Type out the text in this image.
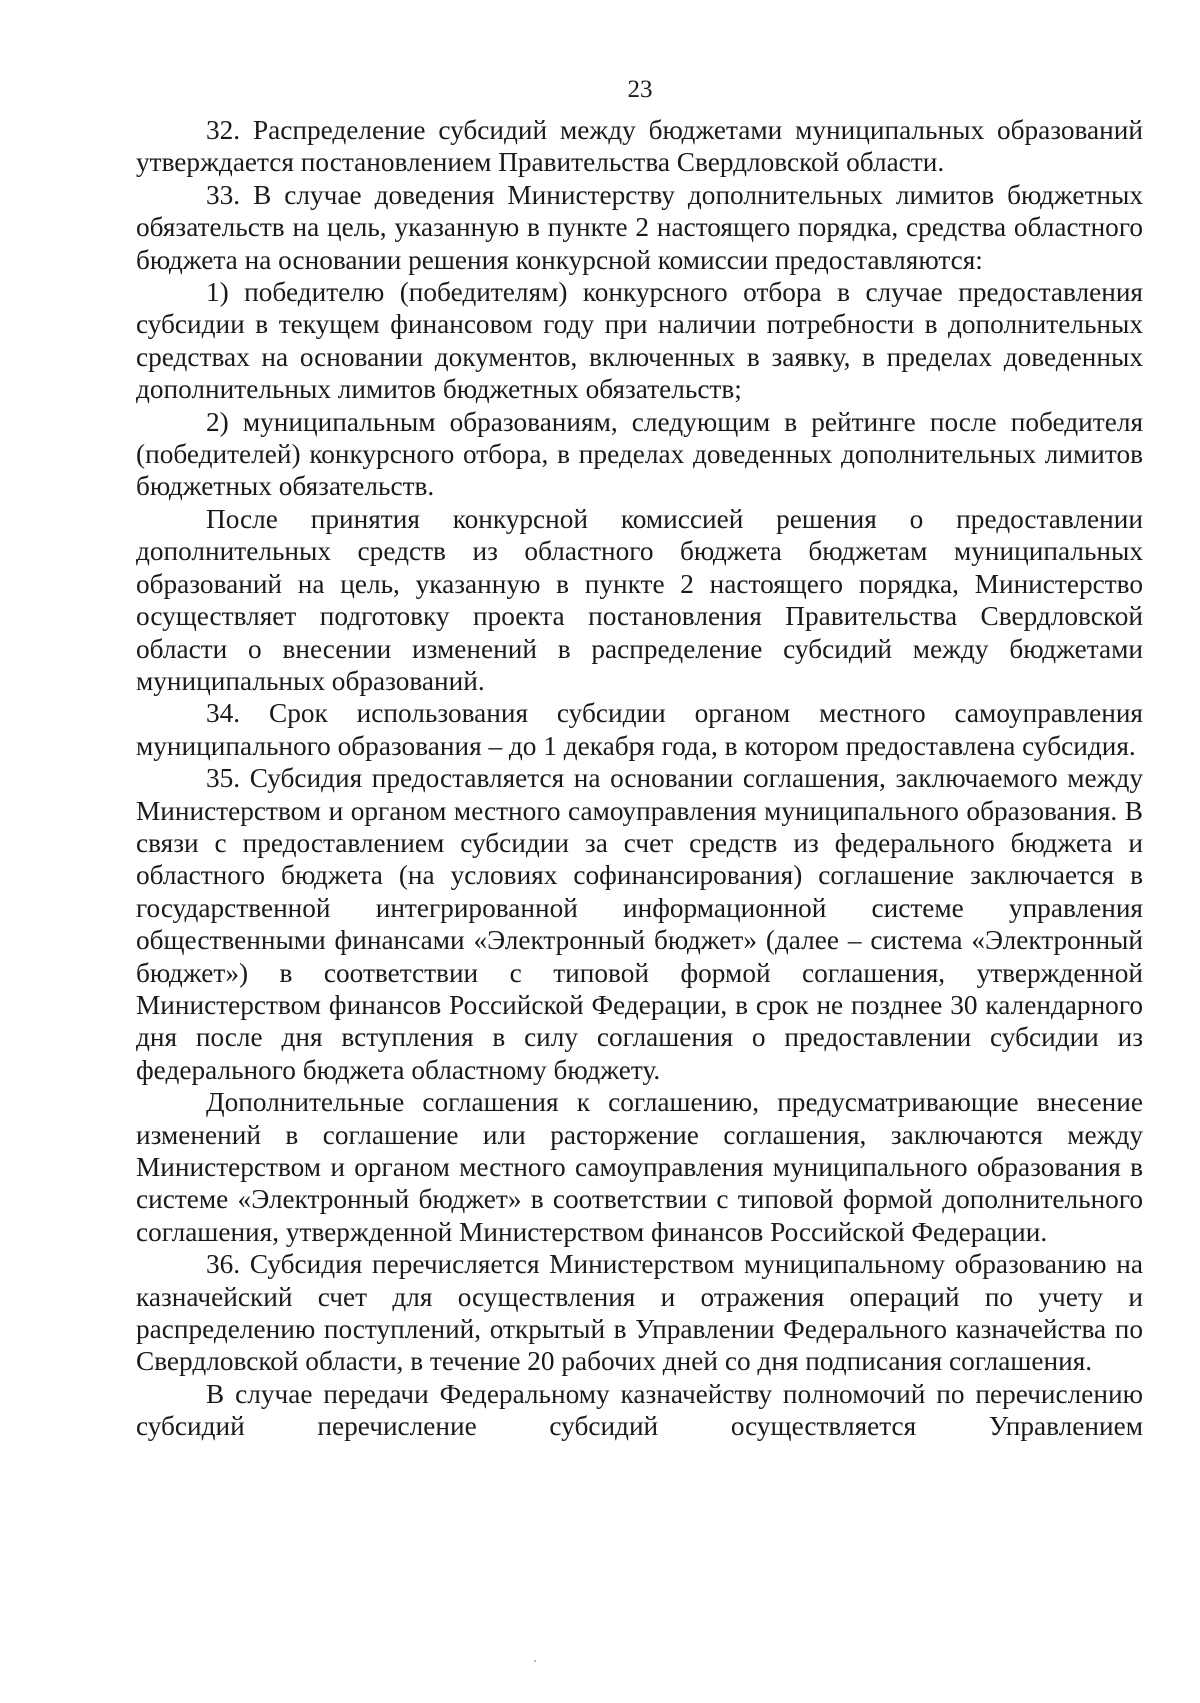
23

32. Распределение субсидий между бюджетами муниципальных образований утверждается постановлением Правительства Свердловской области.

33. В случае доведения Министерству дополнительных лимитов бюджетных обязательств на цель, указанную в пункте 2 настоящего порядка, средства областного бюджета на основании решения конкурсной комиссии предоставляются:

1) победителю (победителям) конкурсного отбора в случае предоставления субсидии в текущем финансовом году при наличии потребности в дополнительных средствах на основании документов, включенных в заявку, в пределах доведенных дополнительных лимитов бюджетных обязательств;

2) муниципальным образованиям, следующим в рейтинге после победителя (победителей) конкурсного отбора, в пределах доведенных дополнительных лимитов бюджетных обязательств.

После принятия конкурсной комиссией решения о предоставлении дополнительных средств из областного бюджета бюджетам муниципальных образований на цель, указанную в пункте 2 настоящего порядка, Министерство осуществляет подготовку проекта постановления Правительства Свердловской области о внесении изменений в распределение субсидий между бюджетами муниципальных образований.

34. Срок использования субсидии органом местного самоуправления муниципального образования – до 1 декабря года, в котором предоставлена субсидия.

35. Субсидия предоставляется на основании соглашения, заключаемого между Министерством и органом местного самоуправления муниципального образования. В связи с предоставлением субсидии за счет средств из федерального бюджета и областного бюджета (на условиях софинансирования) соглашение заключается в государственной интегрированной информационной системе управления общественными финансами «Электронный бюджет» (далее – система «Электронный бюджет») в соответствии с типовой формой соглашения, утвержденной Министерством финансов Российской Федерации, в срок не позднее 30 календарного дня после дня вступления в силу соглашения о предоставлении субсидии из федерального бюджета областному бюджету.

Дополнительные соглашения к соглашению, предусматривающие внесение изменений в соглашение или расторжение соглашения, заключаются между Министерством и органом местного самоуправления муниципального образования в системе «Электронный бюджет» в соответствии с типовой формой дополнительного соглашения, утвержденной Министерством финансов Российской Федерации.

36. Субсидия перечисляется Министерством муниципальному образованию на казначейский счет для осуществления и отражения операций по учету и распределению поступлений, открытый в Управлении Федерального казначейства по Свердловской области, в течение 20 рабочих дней со дня подписания соглашения.

В случае передачи Федеральному казначейству полномочий по перечислению субсидий перечисление субсидий осуществляется Управлением
